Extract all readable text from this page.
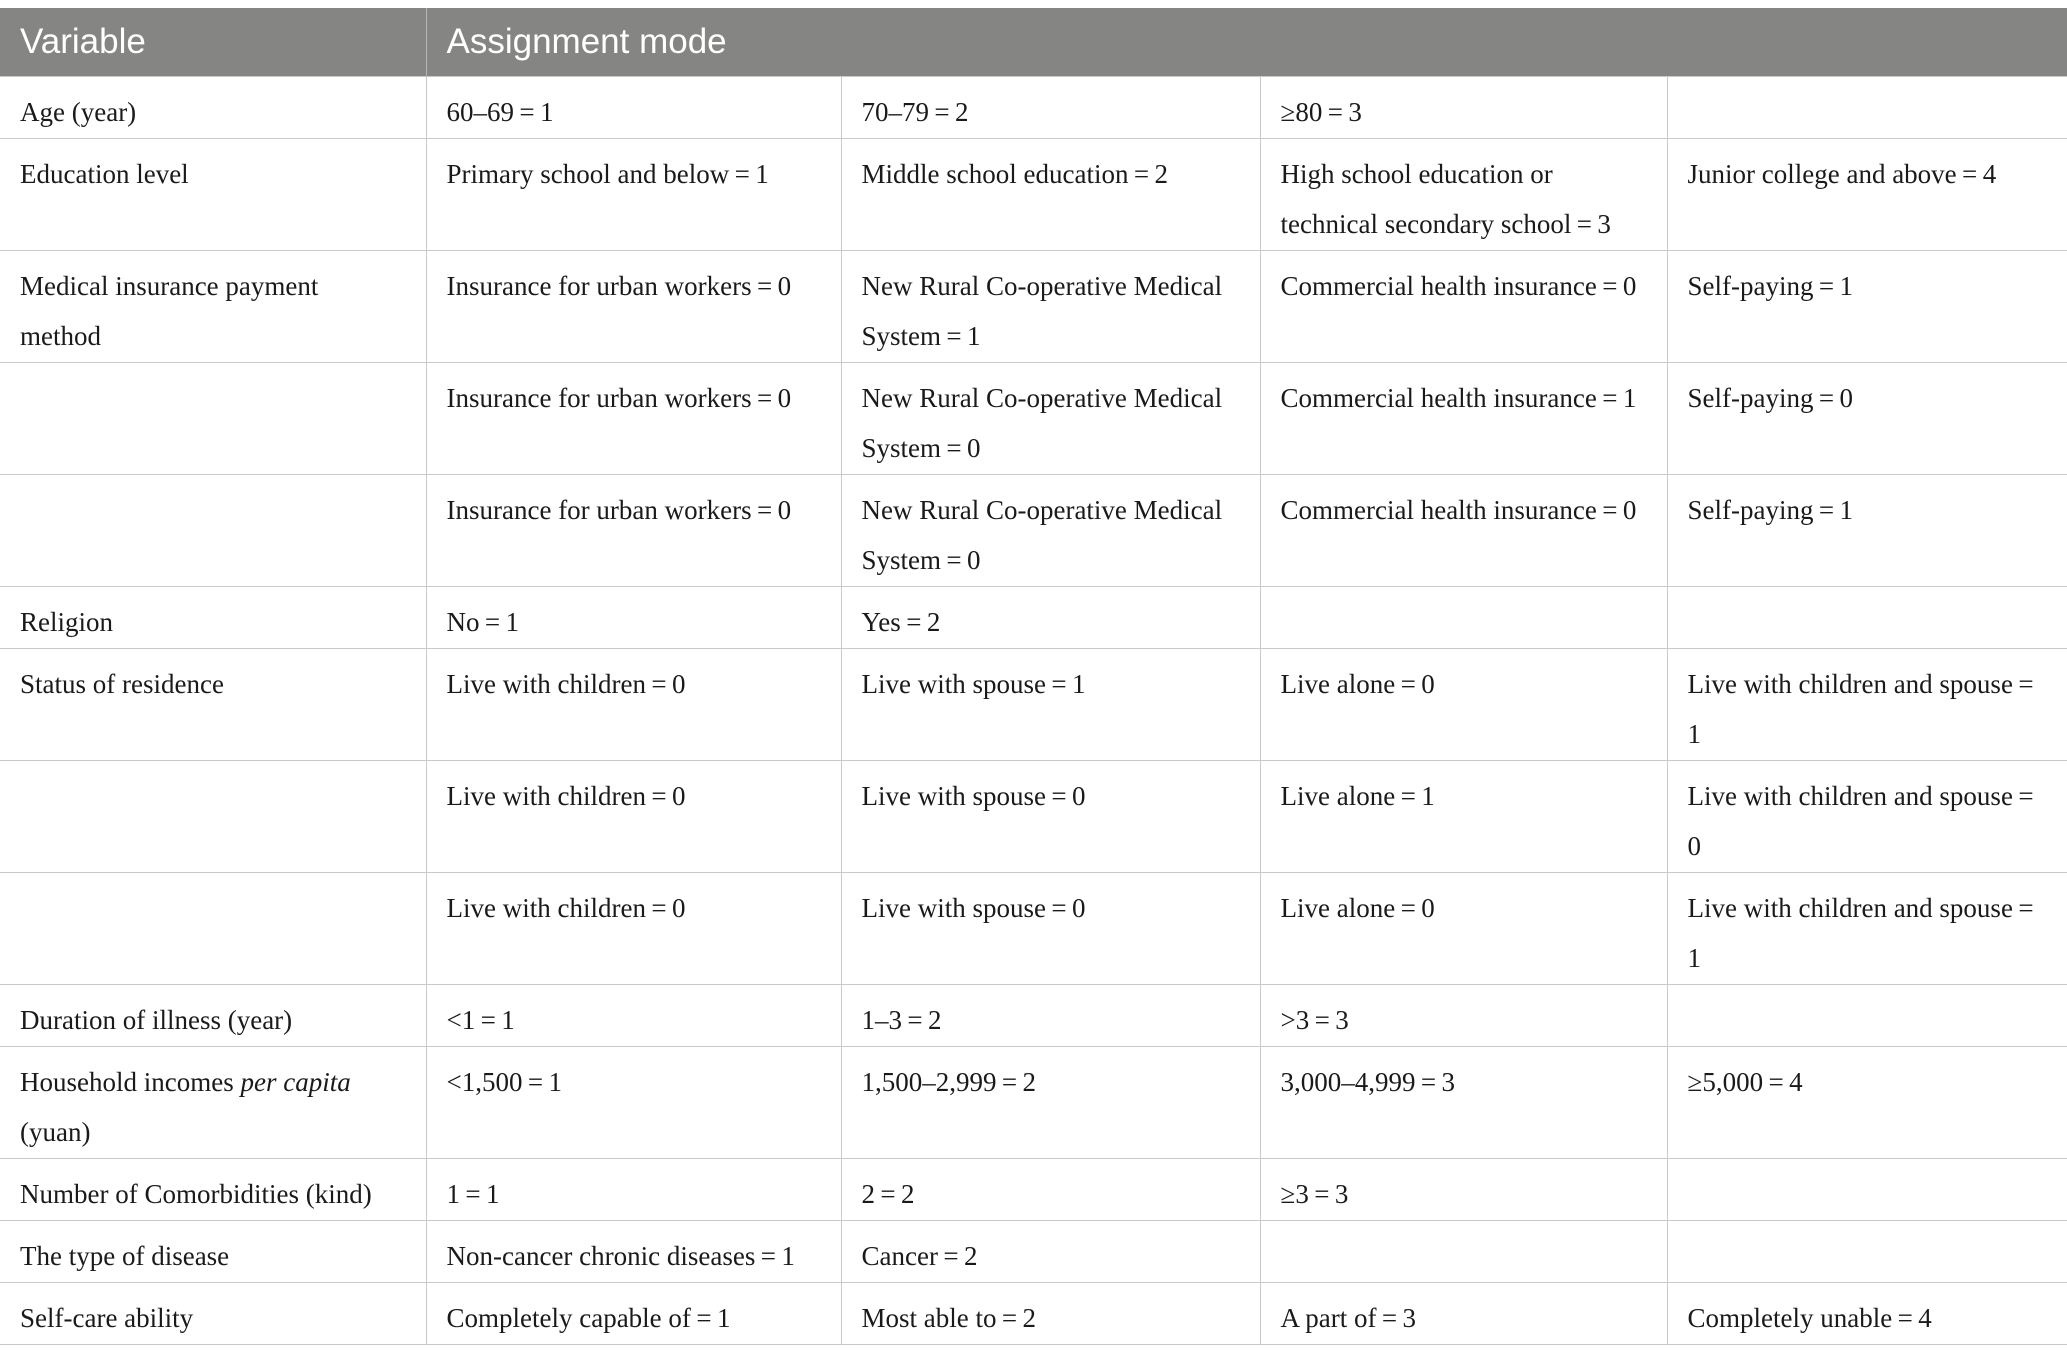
Variable	Assignment mode			
Age (year)	60–69 = 1	70–79 = 2	≥80 = 3	
Education level	Primary school and below = 1	Middle school education = 2	High school education or technical secondary school = 3	Junior college and above = 4
Medical insurance payment method	Insurance for urban workers = 0	New Rural Co-operative Medical System = 1	Commercial health insurance = 0	Self-paying = 1
	Insurance for urban workers = 0	New Rural Co-operative Medical System = 0	Commercial health insurance = 1	Self-paying = 0
	Insurance for urban workers = 0	New Rural Co-operative Medical System = 0	Commercial health insurance = 0	Self-paying = 1
Religion	No = 1	Yes = 2		
Status of residence	Live with children = 0	Live with spouse = 1	Live alone = 0	Live with children and spouse = 1
	Live with children = 0	Live with spouse = 0	Live alone = 1	Live with children and spouse = 0
	Live with children = 0	Live with spouse = 0	Live alone = 0	Live with children and spouse = 1
Duration of illness (year)	<1 = 1	1–3 = 2	>3 = 3	
Household incomes per capita (yuan)	<1,500 = 1	1,500–2,999 = 2	3,000–4,999 = 3	≥5,000 = 4
Number of Comorbidities (kind)	1 = 1	2 = 2	≥3 = 3	
The type of disease	Non-cancer chronic diseases = 1	Cancer = 2		
Self-care ability	Completely capable of = 1	Most able to = 2	A part of = 3	Completely unable = 4
